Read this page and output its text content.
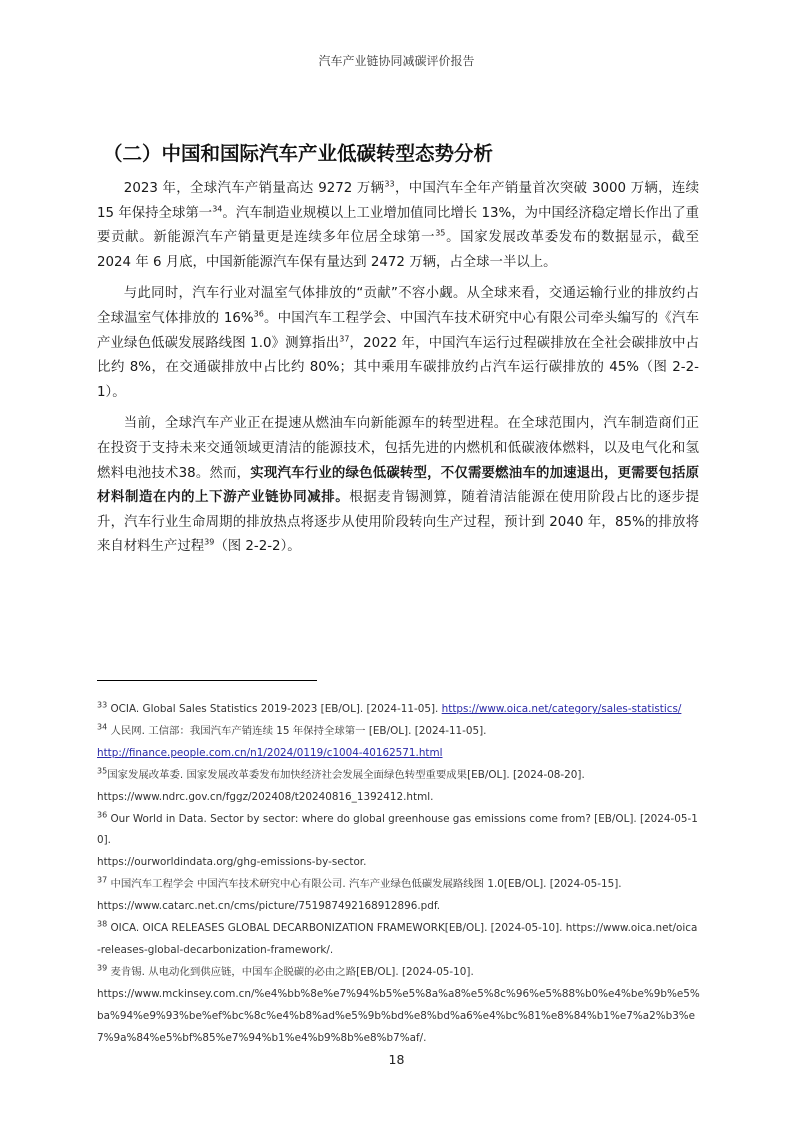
汽车产业链协同减碳评价报告
（二）中国和国际汽车产业低碳转型态势分析

2023 年，全球汽车产销量高达 9272 万辆$^{33}$，中国汽车全年产销量首次突破 3000 万辆，连续 15 年保持全球第一$^{34}$。汽车制造业规模以上工业增加值同比增长 13%，为中国经济稳定增长作出了重要贡献。新能源汽车产销量更是连续多年位居全球第一$^{35}$。国家发展改革委发布的数据显示，截至 2024 年 6 月底，中国新能源汽车保有量达到 2472 万辆，占全球一半以上。

与此同时，汽车行业对温室气体排放的“贡献”不容小觑。从全球来看，交通运输行业的排放约占全球温室气体排放的 16%$^{36}$。中国汽车工程学会、中国汽车技术研究中心有限公司牵头编写的《汽车产业绿色低碳发展路线图 1.0》测算指出$^{37}$，2022 年，中国汽车运行过程碳排放在全社会碳排放中占比约 8%，在交通碳排放中占比约 80%；其中乘用车碳排放约占汽车运行碳排放的 45%（图 2-2-1）。

当前，全球汽车产业正在提速从燃油车向新能源车的转型进程。在全球范围内，汽车制造商们正在投资于支持未来交通领域更清洁的能源技术，包括先进的内燃机和低碳液体燃料，以及电气化和氢燃料电池技术38。然而，实现汽车行业的绿色低碳转型，不仅需要燃油车的加速退出，更需要包括原材料制造在内的上下游产业链协同减排。根据麦肯锡测算，随着清洁能源在使用阶段占比的逐步提升，汽车行业生命周期的排放热点将逐步从使用阶段转向生产过程，预计到 2040 年，85%的排放将来自材料生产过程$^{39}$（图 2-2-2）。

$^{33}$ OCIA. Global Sales Statistics 2019-2023 [EB/OL]. [2024-11-05]. https://www.oica.net/category/sales-statistics/

$^{34}$ 人民网. 工信部：我国汽车产销连续 15 年保持全球第一 [EB/OL]. [2024-11-05].
http://finance.people.com.cn/n1/2024/0119/c1004-40162571.html

$^{35}$国家发展改革委. 国家发展改革委发布加快经济社会发展全面绿色转型重要成果[EB/OL]. [2024-08-20].
https://www.ndrc.gov.cn/fggz/202408/t20240816_1392412.html.

$^{36}$ Our World in Data. Sector by sector: where do global greenhouse gas emissions come from? [EB/OL]. [2024-05-10].
https://ourworldindata.org/ghg-emissions-by-sector.

$^{37}$ 中国汽车工程学会 中国汽车技术研究中心有限公司. 汽车产业绿色低碳发展路线图 1.0[EB/OL]. [2024-05-15].
https://www.catarc.net.cn/cms/picture/751987492168912896.pdf.

$^{38}$ OICA. OICA RELEASES GLOBAL DECARBONIZATION FRAMEWORK[EB/OL]. [2024-05-10]. https://www.oica.net/oica-releases-global-decarbonization-framework/.

$^{39}$ 麦肯锡. 从电动化到供应链，中国车企脱碳的必由之路[EB/OL]. [2024-05-10].
https://www.mckinsey.com.cn/%e4%bb%8e%e7%94%b5%e5%8a%a8%e5%8c%96%e5%88%b0%e4%be%9b%e5%ba%94%e9%93%be%ef%bc%8c%e4%b8%ad%e5%9b%bd%e8%bd%a6%e4%bc%81%e8%84%b1%e7%a2%b3%e7%9a%84%e5%bf%85%e7%94%b1%e4%b9%8b%e8%b7%af/.

18
